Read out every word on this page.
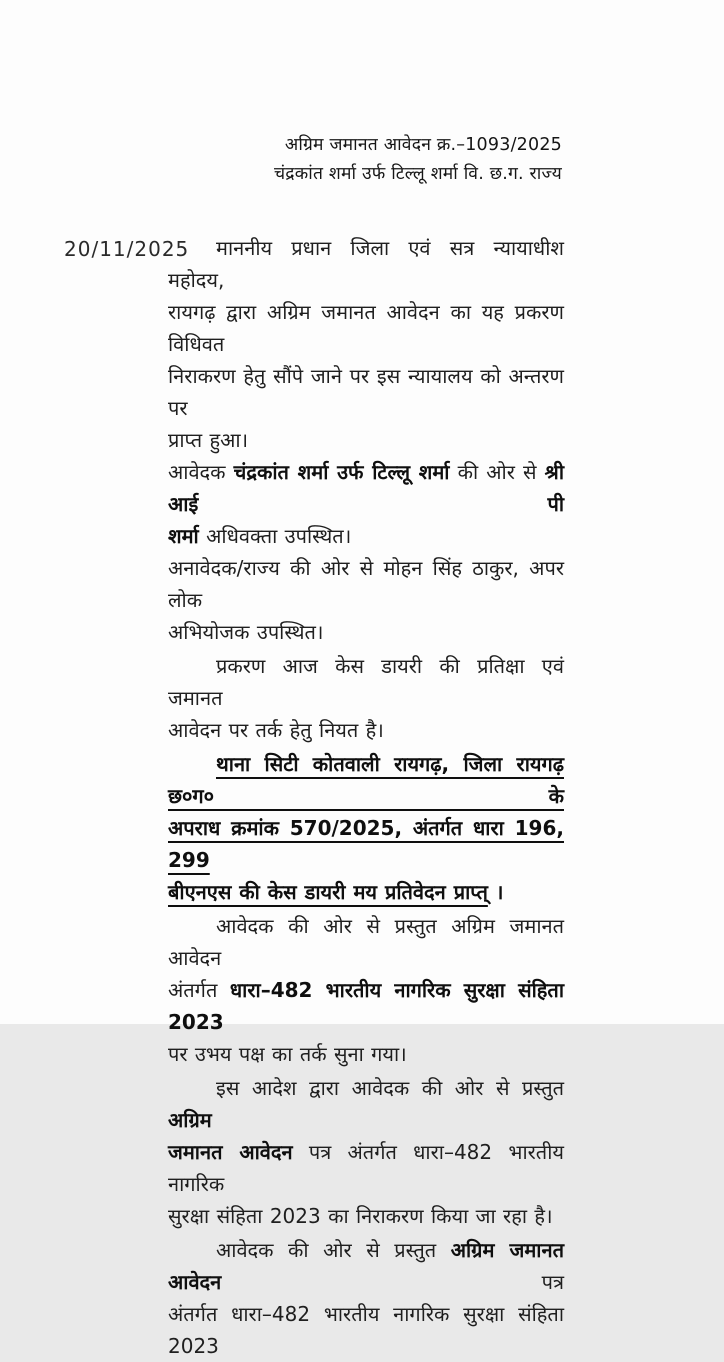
अग्रिम जमानत आवेदन क्र.–1093/2025
चंद्रकांत शर्मा उर्फ टिल्लू शर्मा वि. छ.ग. राज्य
20/11/2025	माननीय प्रधान जिला एवं सत्र न्यायाधीश महोदय,
रायगढ़ द्वारा अग्रिम जमानत आवेदन का यह प्रकरण विधिवत
निराकरण हेतु सौंपे जाने पर इस न्यायालय को अन्तरण पर
प्राप्त हुआ।
आवेदक चंद्रकांत शर्मा उर्फ टिल्लू शर्मा की ओर से श्री आई पी
शर्मा अधिवक्ता उपस्थित।
अनावेदक/राज्य की ओर से मोहन सिंह ठाकुर, अपर लोक
अभियोजक उपस्थित।
प्रकरण आज केस डायरी की प्रतिक्षा एवं जमानत
आवेदन पर तर्क हेतु नियत है।
थाना सिटी कोतवाली रायगढ़, जिला रायगढ़ छ०ग० के
अपराध क्रमांक 570/2025, अंतर्गत धारा 196, 299
बीएनएस की केस डायरी मय प्रतिवेदन प्राप्त् ।
आवेदक की ओर से प्रस्तुत अग्रिम जमानत आवेदन
अंतर्गत धारा–482 भारतीय नागरिक सुरक्षा संहिता 2023
पर उभय पक्ष का तर्क सुना गया।
इस आदेश द्वारा आवेदक की ओर से प्रस्तुत अग्रिम
जमानत आवेदन पत्र अंतर्गत धारा–482 भारतीय नागरिक
सुरक्षा संहिता 2023 का निराकरण किया जा रहा है।
आवेदक की ओर से प्रस्तुत अग्रिम जमानत आवेदन पत्र
अंतर्गत धारा–482 भारतीय नागरिक सुरक्षा संहिता 2023
